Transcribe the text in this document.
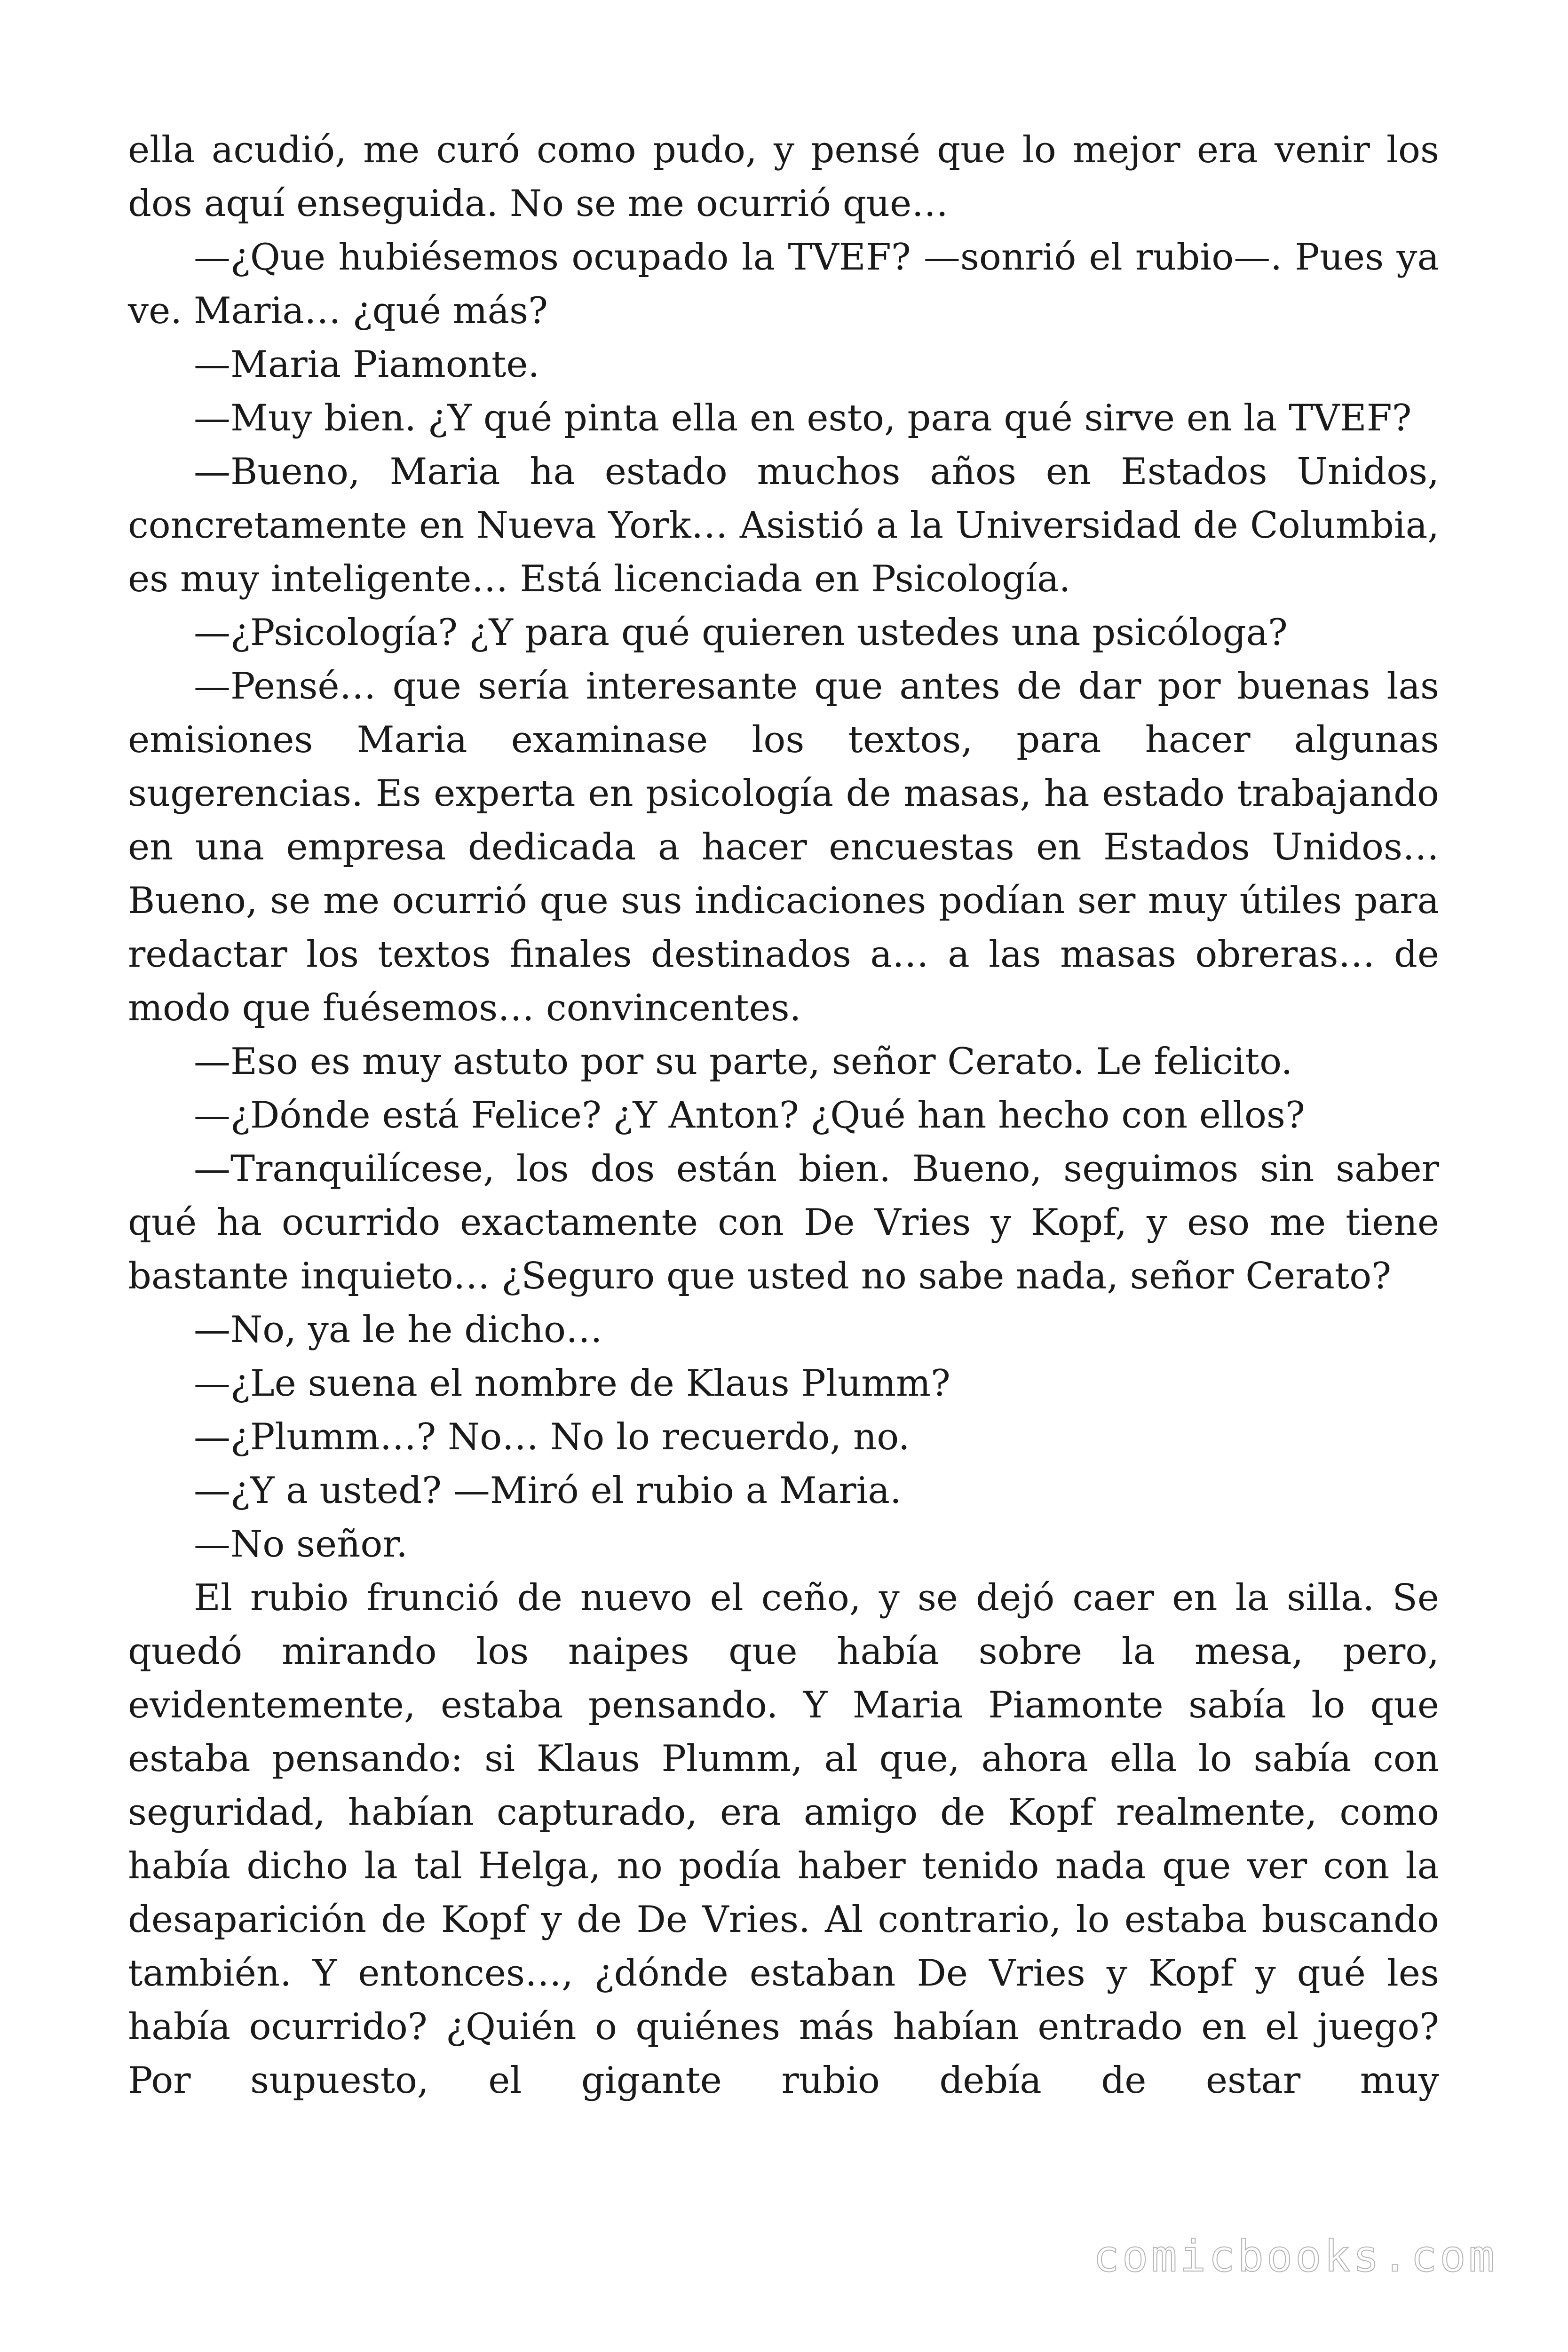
ella acudió, me curó como pudo, y pensé que lo mejor era venir los dos aquí enseguida. No se me ocurrió que…

—¿Que hubiésemos ocupado la TVEF? —sonrió el rubio—. Pues ya ve. Maria… ¿qué más?

—Maria Piamonte.

—Muy bien. ¿Y qué pinta ella en esto, para qué sirve en la TVEF?

—Bueno, Maria ha estado muchos años en Estados Unidos, concretamente en Nueva York… Asistió a la Universidad de Columbia, es muy inteligente… Está licenciada en Psicología.

—¿Psicología? ¿Y para qué quieren ustedes una psicóloga?

—Pensé… que sería interesante que antes de dar por buenas las emisiones Maria examinase los textos, para hacer algunas sugerencias. Es experta en psicología de masas, ha estado trabajando en una empresa dedicada a hacer encuestas en Estados Unidos… Bueno, se me ocurrió que sus indicaciones podían ser muy útiles para redactar los textos finales destinados a… a las masas obreras… de modo que fuésemos… convincentes.

—Eso es muy astuto por su parte, señor Cerato. Le felicito.

—¿Dónde está Felice? ¿Y Anton? ¿Qué han hecho con ellos?

—Tranquilícese, los dos están bien. Bueno, seguimos sin saber qué ha ocurrido exactamente con De Vries y Kopf, y eso me tiene bastante inquieto… ¿Seguro que usted no sabe nada, señor Cerato?

—No, ya le he dicho…

—¿Le suena el nombre de Klaus Plumm?

—¿Plumm…? No… No lo recuerdo, no.

—¿Y a usted? —Miró el rubio a Maria.

—No señor.

El rubio frunció de nuevo el ceño, y se dejó caer en la silla. Se quedó mirando los naipes que había sobre la mesa, pero, evidentemente, estaba pensando. Y Maria Piamonte sabía lo que estaba pensando: si Klaus Plumm, al que, ahora ella lo sabía con seguridad, habían capturado, era amigo de Kopf realmente, como había dicho la tal Helga, no podía haber tenido nada que ver con la desaparición de Kopf y de De Vries. Al contrario, lo estaba buscando también. Y entonces…, ¿dónde estaban De Vries y Kopf y qué les había ocurrido? ¿Quién o quiénes más habían entrado en el juego? Por supuesto, el gigante rubio debía de estar muy

comicbooks.com
